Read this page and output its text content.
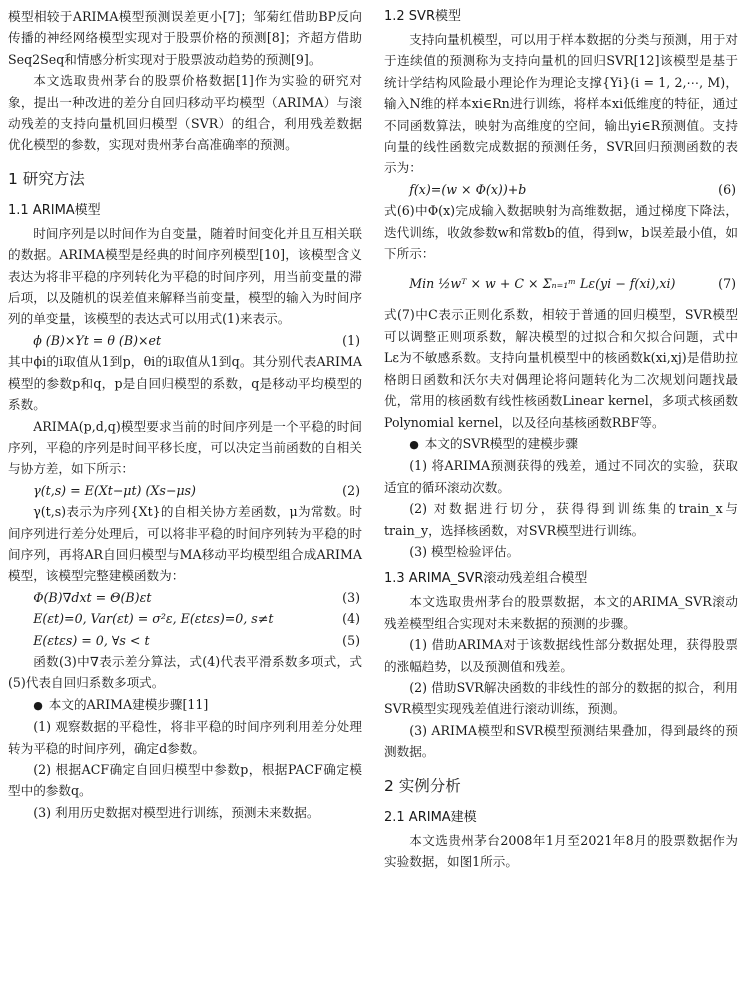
模型相较于ARIMA模型预测误差更小[7]；邹菊红借助BP反向传播的神经网络模型实现对于股票价格的预测[8]；齐超方借助Seq2Seq和情感分析实现对于股票波动趋势的预测[9]。

本文选取贵州茅台的股票价格数据[1]作为实验的研究对象，提出一种改进的差分自回归移动平均模型（ARIMA）与滚动残差的支持向量机回归模型（SVR）的组合，利用残差数据优化模型的参数，实现对贵州茅台高准确率的预测。

1 研究方法
1.1 ARIMA模型

时间序列是以时间作为自变量，随着时间变化并且互相关联的数据。ARIMA模型是经典的时间序列模型[10]，该模型含义表达为将非平稳的序列转化为平稳的时间序列，用当前变量的滞后项，以及随机的误差值来解释当前变量，模型的输入为时间序列的单变量，该模型的表达式可以用式(1)来表示。

ϕ (B)×Yt = θ (B)×et	(1)

其中ϕi的i取值从1到p，θi的i取值从1到q。其分别代表ARIMA模型的参数p和q，p是自回归模型的系数，q是移动平均模型的系数。

ARIMA(p,d,q)模型要求当前的时间序列是一个平稳的时间序列，平稳的序列是时间平移长度，可以决定当前函数的自相关与协方差，如下所示：

γ(t,s) = E(Xt−μt) (Xs−μs)	(2)

γ(t,s)表示为序列{Xt}的自相关协方差函数，μ为常数。时间序列进行差分处理后，可以将非平稳的时间序列转为平稳的时间序列，再将AR自回归模型与MA移动平均模型组合成ARIMA模型，该模型完整建模函数为：

Φ(B)∇dxt = Θ(B)εt	(3)
E(εt)=0, Var(εt) = σ²ε, E(εtεs)=0, s≠t	(4)
E(εtεs) = 0, ∀s < t	(5)

函数(3)中∇表示差分算法，式(4)代表平滑系数多项式，式(5)代表自回归系数多项式。

● 本文的ARIMA建模步骤[11]

(1) 观察数据的平稳性，将非平稳的时间序列利用差分处理转为平稳的时间序列，确定d参数。

(2) 根据ACF确定自回归模型中参数p，根据PACF确定模型中的参数q。

(3) 利用历史数据对模型进行训练，预测未来数据。

1.2 SVR模型

支持向量机模型，可以用于样本数据的分类与预测，用于对于连续值的预测称为支持向量机的回归SVR[12]该模型是基于统计学结构风险最小理论作为理论支撑{Yi}(i = 1, 2,⋯, M)，输入N维的样本xi∈Rn进行训练，将样本xi低维度的特征，通过不同函数算法，映射为高维度的空间，输出yi∈R预测值。支持向量的线性函数完成数据的预测任务，SVR回归预测函数的表示为：

f(x)=(w × Φ(x))+b	(6)

式(6)中Φ(x)完成输入数据映射为高维数据，通过梯度下降法，迭代训练，收敛参数w和常数b的值，得到w，b误差最小值，如下所示：

Min ½wᵀ × w + C × Σₙ₌₁ᵐ Lε(yi − f(xi),xi)	(7)

式(7)中C表示正则化系数，相较于普通的回归模型，SVR模型可以调整正则项系数，解决模型的过拟合和欠拟合问题，式中Lε为不敏感系数。支持向量机模型中的核函数k(xi,xj)是借助拉格朗日函数和沃尔夫对偶理论将问题转化为二次规划问题找最优，常用的核函数有线性核函数Linear kernel，多项式核函数Polynomial kernel，以及径向基核函数RBF等。

● 本文的SVR模型的建模步骤

(1) 将ARIMA预测获得的残差，通过不同次的实验，获取适宜的循环滚动次数。

(2) 对数据进行切分，获得得到训练集的train_x与train_y，选择核函数，对SVR模型进行训练。

(3) 模型检验评估。

1.3 ARIMA_SVR滚动残差组合模型

本文选取贵州茅台的股票数据，本文的ARIMA_SVR滚动残差模型组合实现对未来数据的预测的步骤。

(1) 借助ARIMA对于该数据线性部分数据处理，获得股票的涨幅趋势，以及预测值和残差。

(2) 借助SVR解决函数的非线性的部分的数据的拟合，利用SVR模型实现残差值进行滚动训练，预测。

(3) ARIMA模型和SVR模型预测结果叠加，得到最终的预测数据。

2 实例分析
2.1 ARIMA建模

本文选贵州茅台2008年1月至2021年8月的股票数据作为实验数据，如图1所示。
